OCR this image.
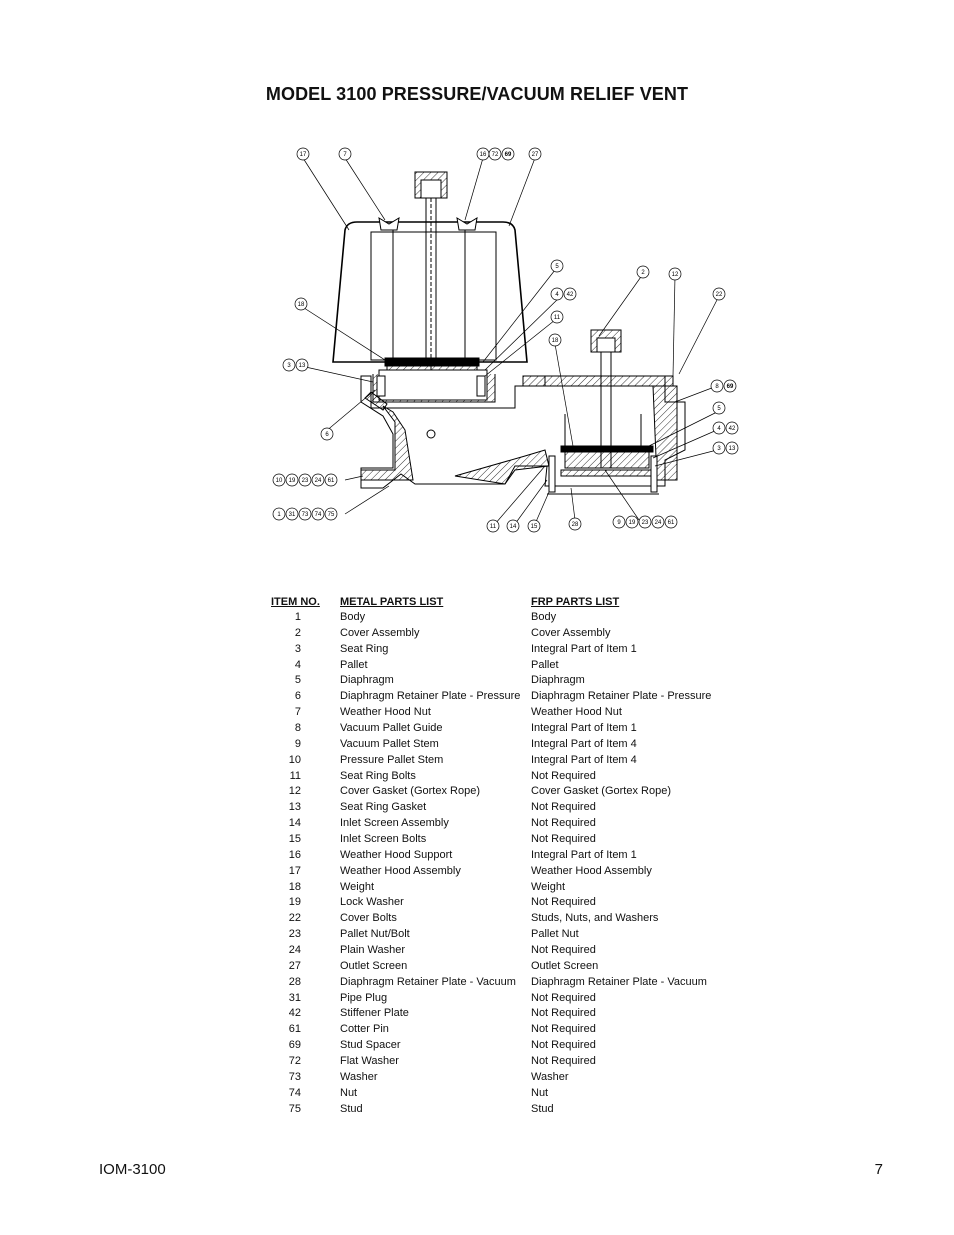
MODEL 3100 PRESSURE/VACUUM RELIEF VENT
17	7	16 72 69	27
5
4 42
11
18
3 13
6
10 19 23 24 61
1 31 73 74 75
2	12
22
8 69
5
4 42
3 13
18
11 14 15	28	9 19 23 24 61
ITEM NO.	METAL PARTS LIST	FRP PARTS LIST
1	Body	Body
2	Cover Assembly	Cover Assembly
3	Seat Ring	Integral Part of Item 1
4	Pallet	Pallet
5	Diaphragm	Diaphragm
6	Diaphragm Retainer Plate - Pressure	Diaphragm Retainer Plate - Pressure
7	Weather Hood Nut	Weather Hood Nut
8	Vacuum Pallet Guide	Integral Part of Item 1
9	Vacuum Pallet Stem	Integral Part of Item 4
10	Pressure Pallet Stem	Integral Part of Item 4
11	Seat Ring Bolts	Not Required
12	Cover Gasket (Gortex Rope)	Cover Gasket (Gortex Rope)
13	Seat Ring Gasket	Not Required
14	Inlet Screen Assembly	Not Required
15	Inlet Screen Bolts	Not Required
16	Weather Hood Support	Integral Part of Item 1
17	Weather Hood Assembly	Weather Hood Assembly
18	Weight	Weight
19	Lock Washer	Not Required
22	Cover Bolts	Studs, Nuts, and Washers
23	Pallet Nut/Bolt	Pallet Nut
24	Plain Washer	Not Required
27	Outlet Screen	Outlet Screen
28	Diaphragm Retainer Plate - Vacuum	Diaphragm Retainer Plate - Vacuum
31	Pipe Plug	Not Required
42	Stiffener Plate	Not Required
61	Cotter Pin	Not Required
69	Stud Spacer	Not Required
72	Flat Washer	Not Required
73	Washer	Washer
74	Nut	Nut
75	Stud	Stud
IOM-3100	7
